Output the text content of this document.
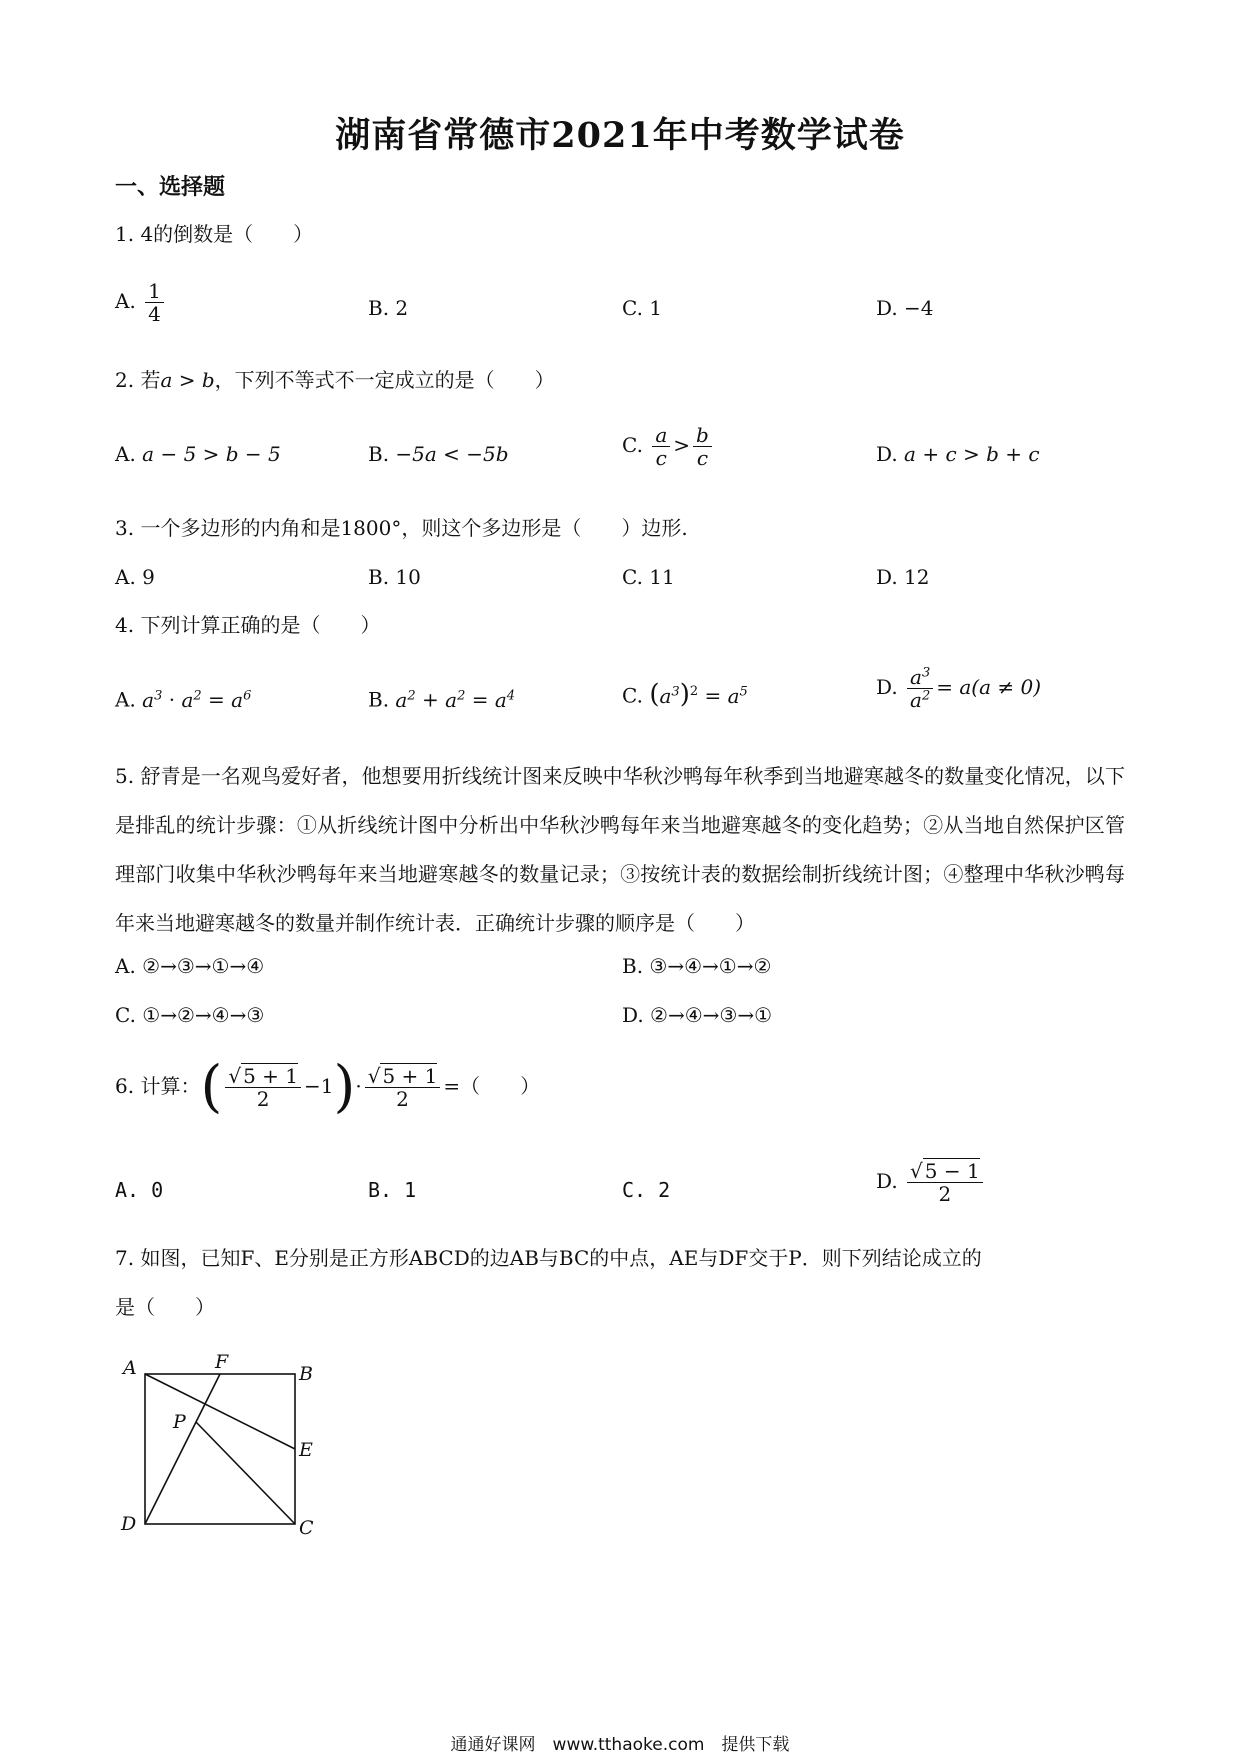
湖南省常德市2021年中考数学试卷
一、选择题
1. 4的倒数是（　　）
A. $\frac{1}{4}$	B. 2	C. 1	D. −4
2. 若a > b，下列不等式不一定成立的是（　　）
A. a − 5 > b − 5	B. −5a < −5b	C. $\frac{a}{c} > \frac{b}{c}$	D. a + c > b + c
3. 一个多边形的内角和是1800°，则这个多边形是（　　）边形.
A. 9	B. 10	C. 11	D. 12
4. 下列计算正确的是（　　）
A. $a^3 \cdot a^2 = a^6$	B. $a^2 + a^2 = a^4$	C. $(a^3)^2 = a^5$	D. $\frac{a^3}{a^2} = a(a \ne 0)$
5. 舒青是一名观鸟爱好者，他想要用折线统计图来反映中华秋沙鸭每年秋季到当地避寒越冬的数量变化情况，以下是排乱的统计步骤：①从折线统计图中分析出中华秋沙鸭每年来当地避寒越冬的变化趋势；②从当地自然保护区管理部门收集中华秋沙鸭每年来当地避寒越冬的数量记录；③按统计表的数据绘制折线统计图；④整理中华秋沙鸭每年来当地避寒越冬的数量并制作统计表．正确统计步骤的顺序是（　　）
A. ②→③→①→④	B. ③→④→①→②
C. ①→②→④→③	D. ②→④→③→①
6. 计算：( $\frac{√ 5 + 1}{2} -1)\cdot \frac{√ 5 + 1}{2}$ =（　　）
A. 0	B. 1	C. 2	D. $\frac{√ 5 - 1}{2}$
7. 如图，已知F、E分别是正方形ABCD的边AB与BC的中点，AE与DF交于P．则下列结论成立的
是（　　）
A	F
B
P
E
D	C
通通好课网　www.tthaoke.com　提供下载
